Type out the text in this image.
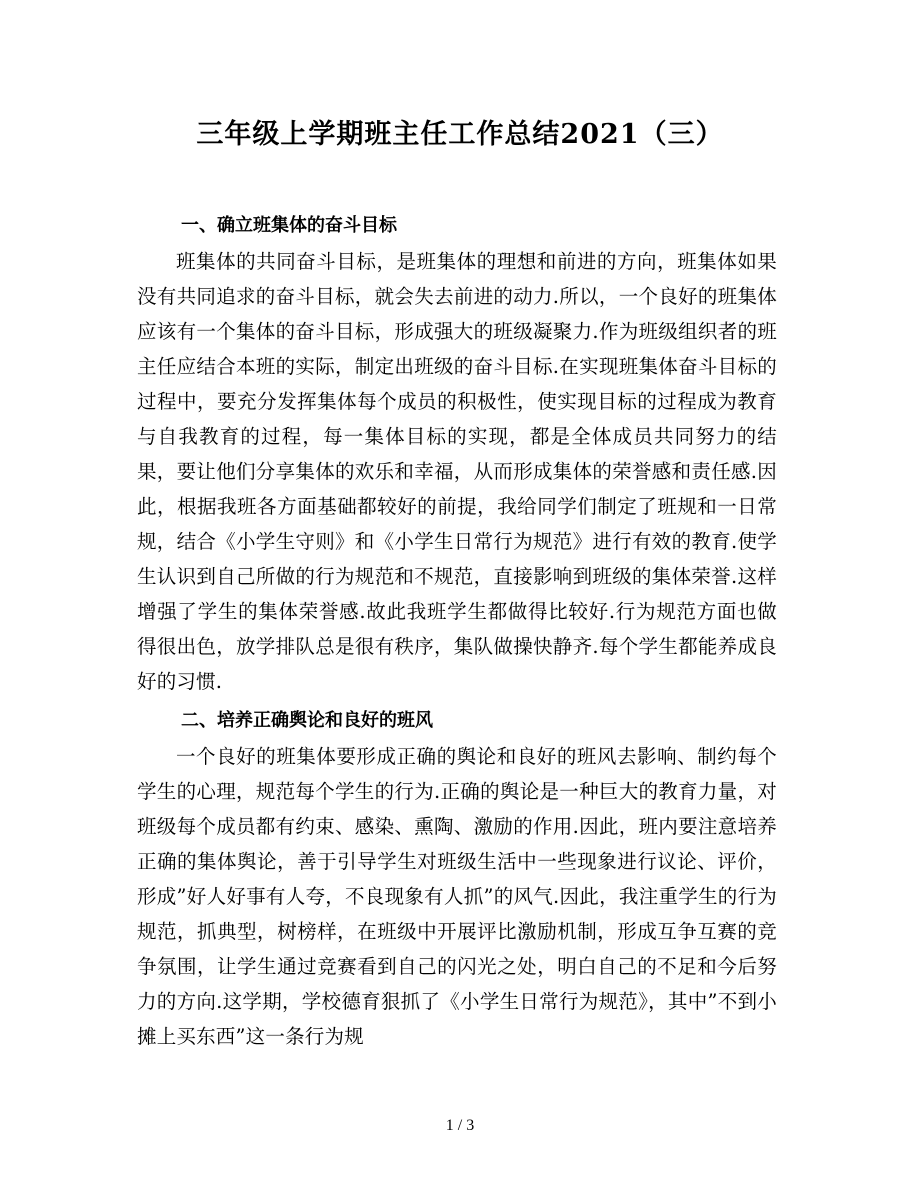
三年级上学期班主任工作总结2021（三）
一、确立班集体的奋斗目标

班集体的共同奋斗目标，是班集体的理想和前进的方向，班集体如果没有共同追求的奋斗目标，就会失去前进的动力.所以，一个良好的班集体应该有一个集体的奋斗目标，形成强大的班级凝聚力.作为班级组织者的班主任应结合本班的实际，制定出班级的奋斗目标.在实现班集体奋斗目标的过程中，要充分发挥集体每个成员的积极性，使实现目标的过程成为教育与自我教育的过程，每一集体目标的实现，都是全体成员共同努力的结果，要让他们分享集体的欢乐和幸福，从而形成集体的荣誉感和责任感.因此，根据我班各方面基础都较好的前提，我给同学们制定了班规和一日常规，结合《小学生守则》和《小学生日常行为规范》进行有效的教育.使学生认识到自己所做的行为规范和不规范，直接影响到班级的集体荣誉.这样增强了学生的集体荣誉感.故此我班学生都做得比较好.行为规范方面也做得很出色，放学排队总是很有秩序，集队做操快静齐.每个学生都能养成良好的习惯.

二、培养正确舆论和良好的班风

一个良好的班集体要形成正确的舆论和良好的班风去影响、制约每个学生的心理，规范每个学生的行为.正确的舆论是一种巨大的教育力量，对班级每个成员都有约束、感染、熏陶、激励的作用.因此，班内要注意培养正确的集体舆论，善于引导学生对班级生活中一些现象进行议论、评价，形成”好人好事有人夸，不良现象有人抓”的风气.因此，我注重学生的行为规范，抓典型，树榜样，在班级中开展评比激励机制，形成互争互赛的竞争氛围，让学生通过竞赛看到自己的闪光之处，明白自己的不足和今后努力的方向.这学期，学校德育狠抓了《小学生日常行为规范》，其中”不到小摊上买东西”这一条行为规

1 / 3
